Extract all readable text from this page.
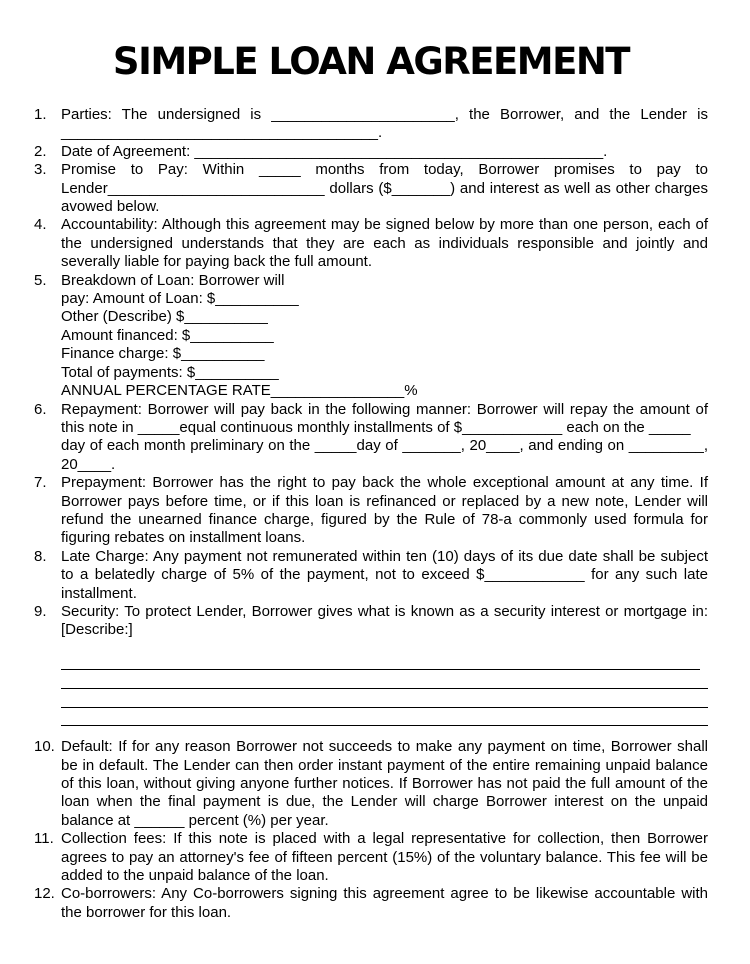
SIMPLE LOAN AGREEMENT
1. Parties: The undersigned is ______________________, the Borrower, and the Lender is ______________________________________.
2. Date of Agreement: _________________________________________________.
3. Promise to Pay: Within _____ months from today, Borrower promises to pay to Lender__________________________ dollars ($_______) and interest as well as other charges avowed below.
4. Accountability: Although this agreement may be signed below by more than one person, each of the undersigned understands that they are each as individuals responsible and jointly and severally liable for paying back the full amount.
5. Breakdown of Loan: Borrower will
pay: Amount of Loan: $__________
Other (Describe) $__________
Amount financed: $__________
Finance charge: $__________
Total of payments: $__________
ANNUAL PERCENTAGE RATE________________%
6. Repayment: Borrower will pay back in the following manner: Borrower will repay the amount of this note in _____equal continuous monthly installments of $____________ each on the _____
day of each month preliminary on the _____day of _______, 20____, and ending on _________, 20____.
7. Prepayment: Borrower has the right to pay back the whole exceptional amount at any time. If Borrower pays before time, or if this loan is refinanced or replaced by a new note, Lender will refund the unearned finance charge, figured by the Rule of 78-a commonly used formula for figuring rebates on installment loans.
8. Late Charge: Any payment not remunerated within ten (10) days of its due date shall be subject to a belatedly charge of 5% of the payment, not to exceed $____________ for any such late installment.
9. Security: To protect Lender, Borrower gives what is known as a security interest or mortgage in: [Describe:]
10. Default: If for any reason Borrower not succeeds to make any payment on time, Borrower shall be in default. The Lender can then order instant payment of the entire remaining unpaid balance of this loan, without giving anyone further notices. If Borrower has not paid the full amount of the loan when the final payment is due, the Lender will charge Borrower interest on the unpaid balance at ______ percent (%) per year.
11. Collection fees: If this note is placed with a legal representative for collection, then Borrower agrees to pay an attorney's fee of fifteen percent (15%) of the voluntary balance. This fee will be added to the unpaid balance of the loan.
12. Co-borrowers: Any Co-borrowers signing this agreement agree to be likewise accountable with the borrower for this loan.
